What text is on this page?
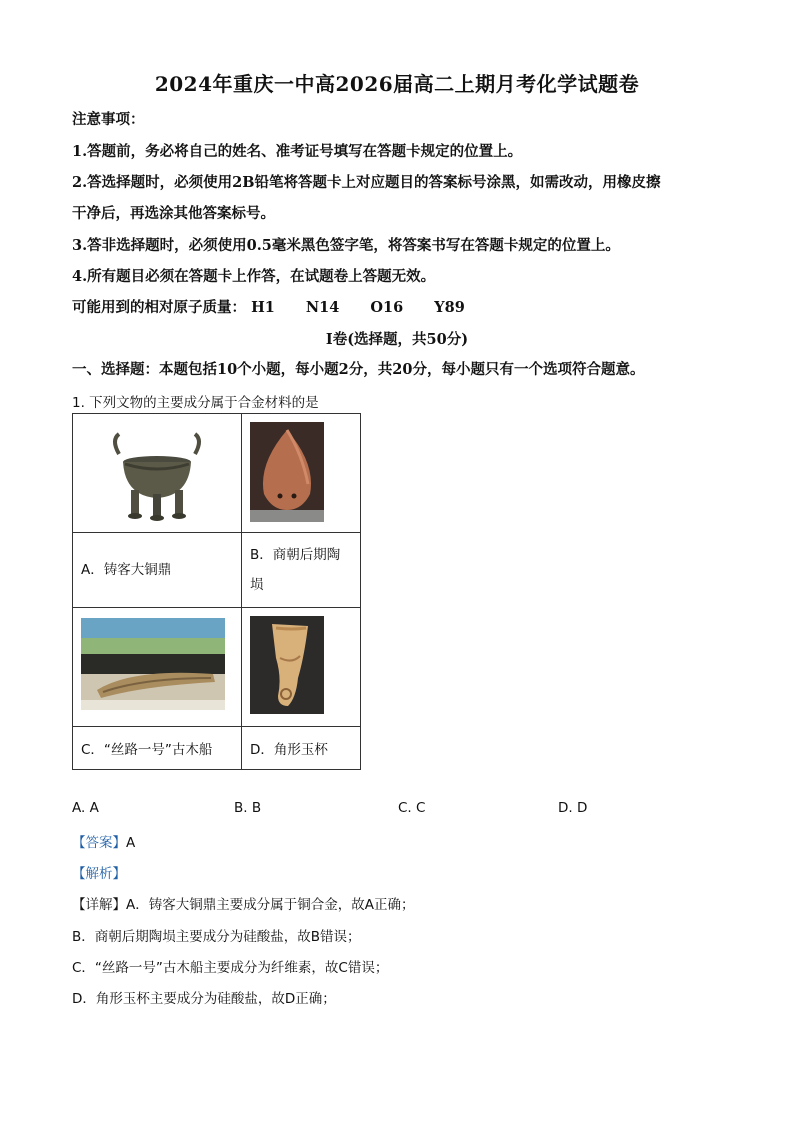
2024年重庆一中高2026届高二上期月考化学试题卷
注意事项：
1.答题前，务必将自己的姓名、准考证号填写在答题卡规定的位置上。
2.答选择题时，必须使用2B铅笔将答题卡上对应题目的答案标号涂黑，如需改动，用橡皮擦
干净后，再选涂其他答案标号。
3.答非选择题时，必须使用0.5毫米黑色签字笔，将答案书写在答题卡规定的位置上。
4.所有题目必须在答题卡上作答，在试题卷上答题无效。
可能用到的相对原子质量： H1 N14 O16 Y89
Ⅰ卷(选择题，共50分)
一、选择题：本题包括10个小题，每小题2分，共20分，每小题只有一个选项符合题意。
1. 下列文物的主要成分属于合金材料的是

A．铸客大铜鼎	B．商朝后期陶
埙

C．“丝路一号”古木船	D．角形玉杯
A. A	B. B	C. C	D. D
【答案】A
【解析】
【详解】A．铸客大铜鼎主要成分属于铜合金，故A正确；
B．商朝后期陶埙主要成分为硅酸盐，故B错误；
C．“丝路一号”古木船主要成分为纤维素，故C错误；
D．角形玉杯主要成分为硅酸盐，故D正确；
